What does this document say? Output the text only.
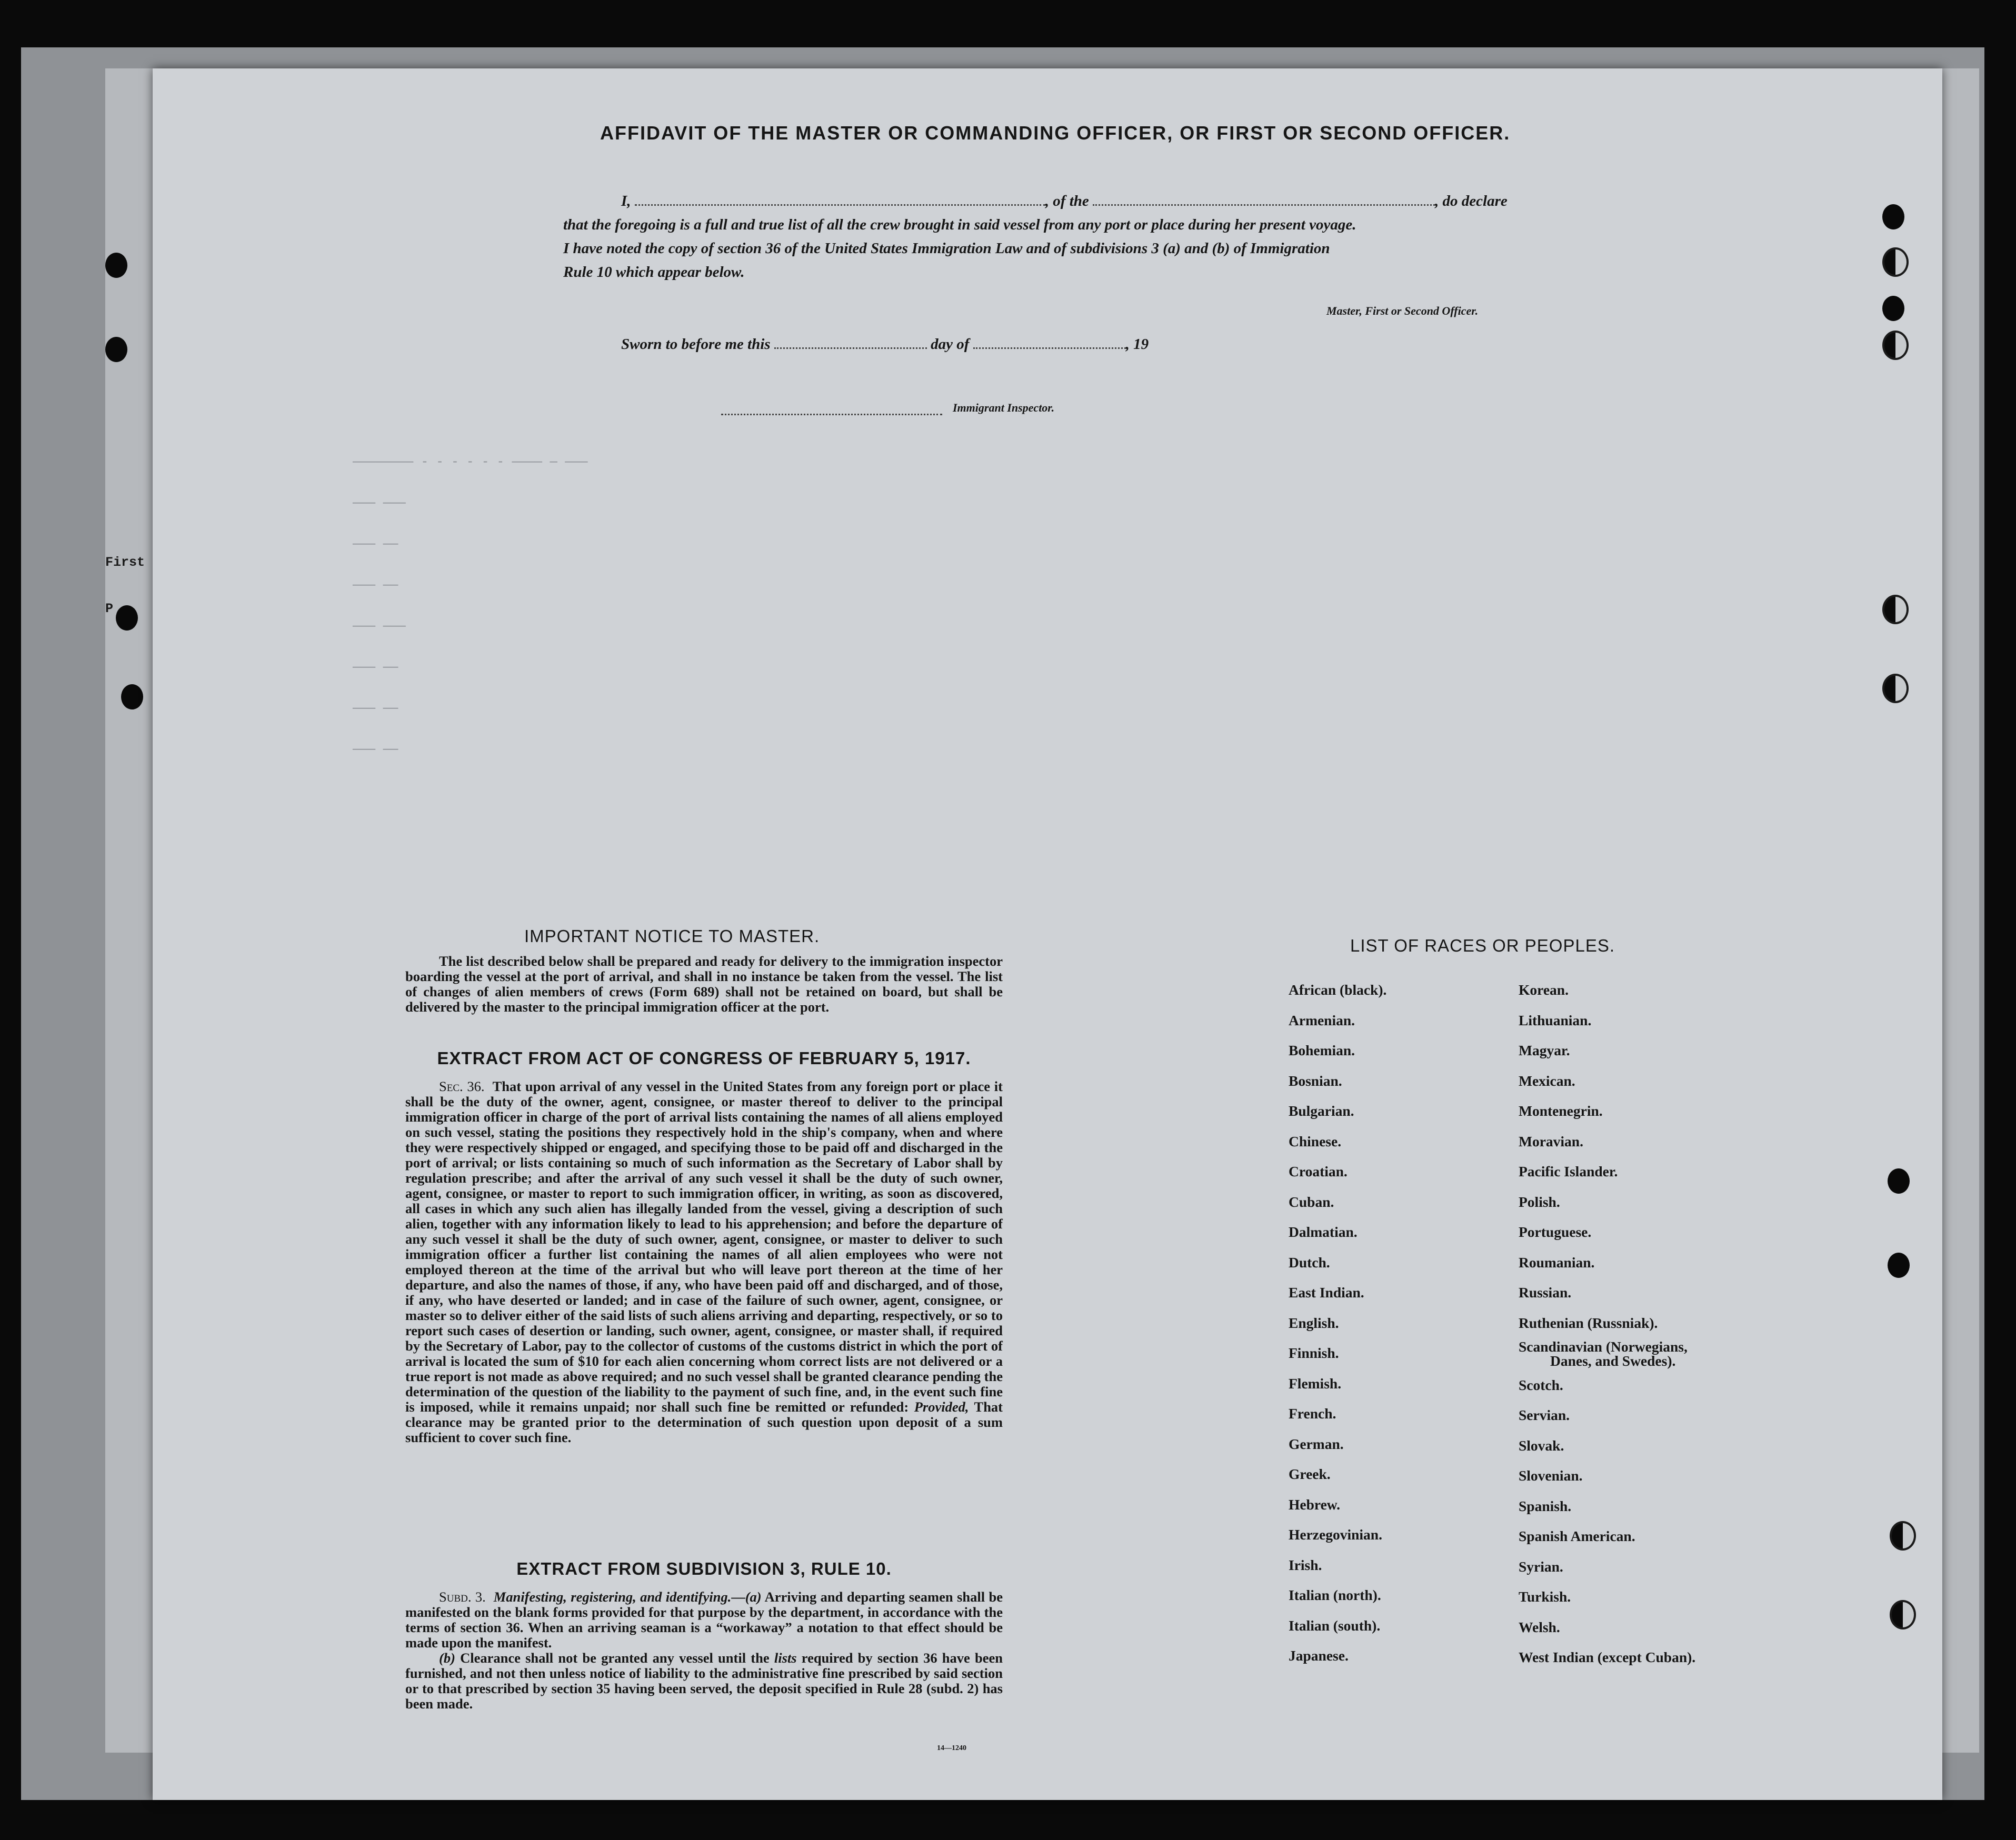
First
P
———————— - - - - - - ———— — ———
——— ———
——— ——
——— ——
——— ———
——— ——
——— ——
——— ——
AFFIDAVIT OF THE MASTER OR COMMANDING OFFICER, OR FIRST OR SECOND OFFICER.
I,	, of the	, do declare
that the foregoing is a full and true list of all the crew brought in said vessel from any port or place during her present voyage.
I have noted the copy of section 36 of the United States Immigration Law and of subdivisions 3 (a) and (b) of Immigration
Rule 10 which appear below.
Master, First or Second Officer.
Sworn to before me this	day of	, 19
Immigrant Inspector.
IMPORTANT NOTICE TO MASTER.

The list described below shall be prepared and ready for delivery to the immigration inspector boarding the vessel at the port of arrival, and shall in no instance be taken from the vessel. The list of changes of alien members of crews (Form 689) shall not be retained on board, but shall be delivered by the master to the principal immigration officer at the port.

EXTRACT FROM ACT OF CONGRESS OF FEBRUARY 5, 1917.

Sec. 36. That upon arrival of any vessel in the United States from any foreign port or place it shall be the duty of the owner, agent, consignee, or master thereof to deliver to the principal immigration officer in charge of the port of arrival lists containing the names of all aliens employed on such vessel, stating the positions they respectively hold in the ship's company, when and where they were respectively shipped or engaged, and specifying those to be paid off and discharged in the port of arrival; or lists containing so much of such information as the Secretary of Labor shall by regulation prescribe; and after the arrival of any such vessel it shall be the duty of such owner, agent, consignee, or master to report to such immigration officer, in writing, as soon as discovered, all cases in which any such alien has illegally landed from the vessel, giving a description of such alien, together with any information likely to lead to his apprehension; and before the departure of any such vessel it shall be the duty of such owner, agent, consignee, or master to deliver to such immigration officer a further list containing the names of all alien employees who were not employed thereon at the time of the arrival but who will leave port thereon at the time of her departure, and also the names of those, if any, who have been paid off and discharged, and of those, if any, who have deserted or landed; and in case of the failure of such owner, agent, consignee, or master so to deliver either of the said lists of such aliens arriving and departing, respectively, or so to report such cases of desertion or landing, such owner, agent, consignee, or master shall, if required by the Secretary of Labor, pay to the collector of customs of the customs district in which the port of arrival is located the sum of $10 for each alien concerning whom correct lists are not delivered or a true report is not made as above required; and no such vessel shall be granted clearance pending the determination of the question of the liability to the payment of such fine, and, in the event such fine is imposed, while it remains unpaid; nor shall such fine be remitted or refunded: Provided, That clearance may be granted prior to the determination of such question upon deposit of a sum sufficient to cover such fine.

EXTRACT FROM SUBDIVISION 3, RULE 10.

Subd. 3. Manifesting, registering, and identifying.—(a) Arriving and departing seamen shall be manifested on the blank forms provided for that purpose by the department, in accordance with the terms of section 36. When an arriving seaman is a “workaway” a notation to that effect should be made upon the manifest.

(b) Clearance shall not be granted any vessel until the lists required by section 36 have been furnished, and not then unless notice of liability to the administrative fine prescribed by said section or to that prescribed by section 35 having been served, the deposit specified in Rule 28 (subd. 2) has been made.

14—1240
LIST OF RACES OR PEOPLES.
African (black).
Armenian.
Bohemian.
Bosnian.
Bulgarian.
Chinese.
Croatian.
Cuban.
Dalmatian.
Dutch.
East Indian.
English.
Finnish.
Flemish.
French.
German.
Greek.
Hebrew.
Herzegovinian.
Irish.
Italian (north).
Italian (south).
Japanese.
Korean.
Lithuanian.
Magyar.
Mexican.
Montenegrin.
Moravian.
Pacific Islander.
Polish.
Portuguese.
Roumanian.
Russian.
Ruthenian (Russniak).
Scandinavian (Norwegians,
Danes, and Swedes).
Scotch.
Servian.
Slovak.
Slovenian.
Spanish.
Spanish American.
Syrian.
Turkish.
Welsh.
West Indian (except Cuban).
